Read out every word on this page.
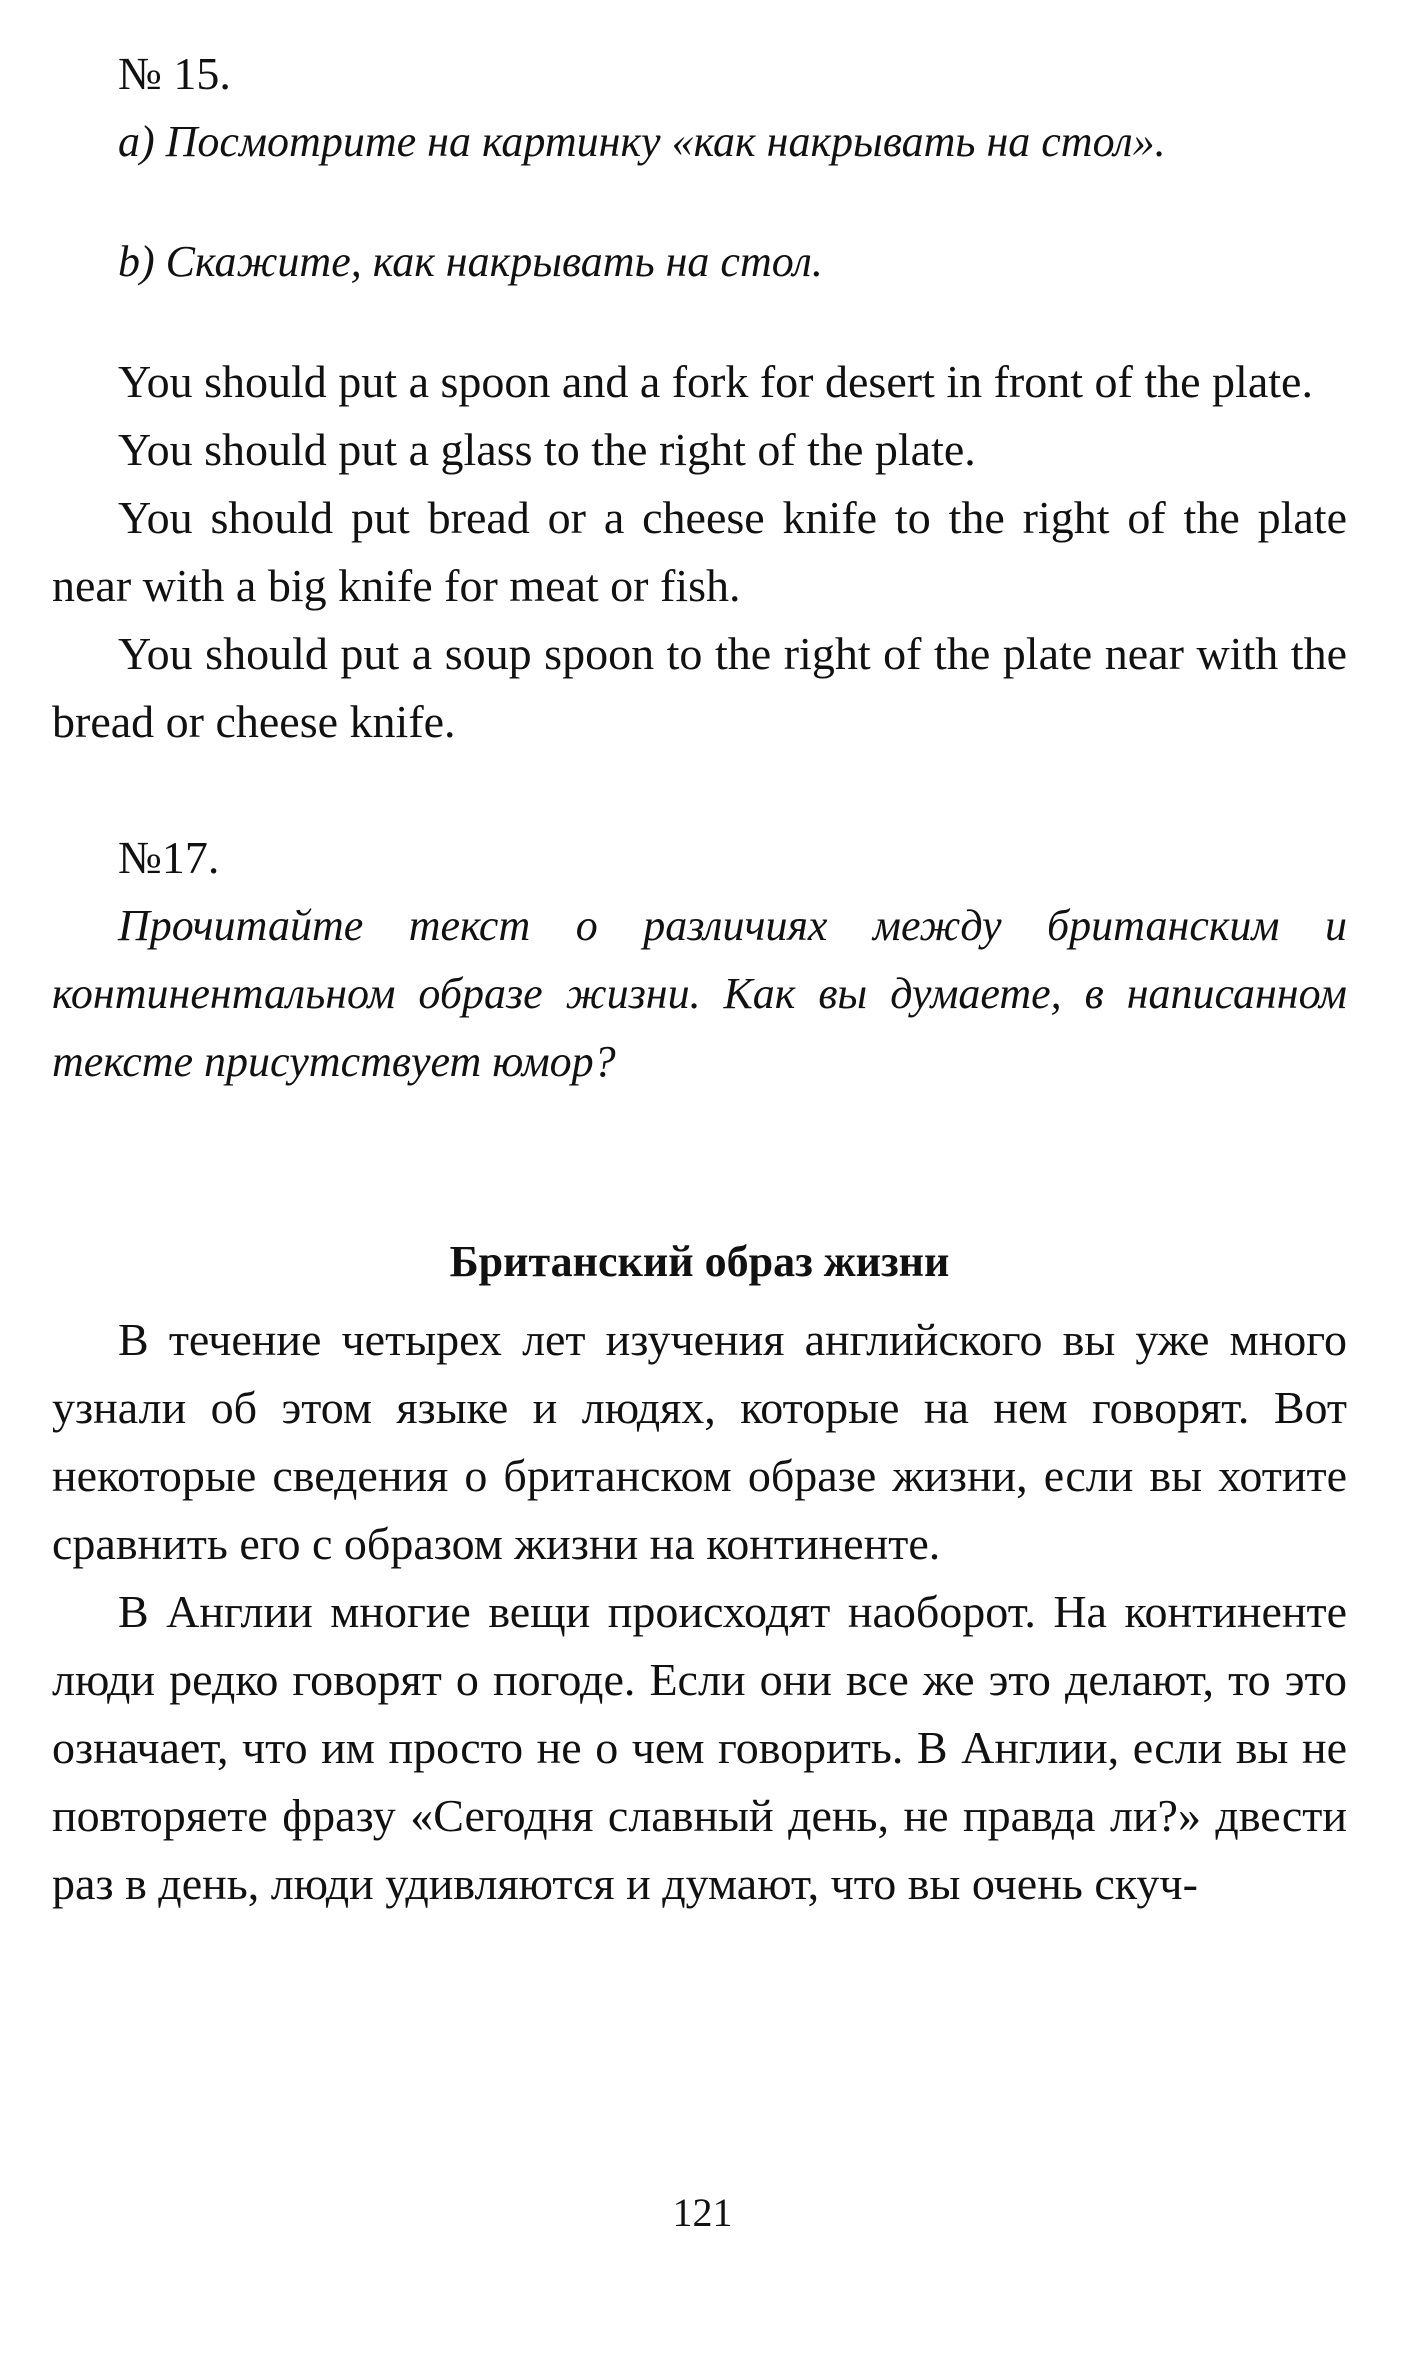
№ 15.

a) Посмотрите на картинку «как накрывать на стол».

b) Скажите, как накрывать на стол.

You should put a spoon and a fork for desert in front of the plate.

You should put a glass to the right of the plate.

You should put bread or a cheese knife to the right of the plate near with a big knife for meat or fish.

You should put a soup spoon to the right of the plate near with the bread or cheese knife.

№17.

Прочитайте текст о различиях между британским и континентальном образе жизни. Как вы думаете, в написанном тексте присутствует юмор?

Британский образ жизни

В течение четырех лет изучения английского вы уже много узнали об этом языке и людях, которые на нем говорят. Вот некоторые сведения о британском образе жизни, если вы хотите сравнить его с образом жизни на континенте.

В Англии многие вещи происходят наоборот. На континенте люди редко говорят о погоде. Если они все же это делают, то это означает, что им просто не о чем говорить. В Англии, если вы не повторяете фразу «Сегодня славный день, не правда ли?» двести раз в день, люди удивляются и думают, что вы очень скуч-

121
